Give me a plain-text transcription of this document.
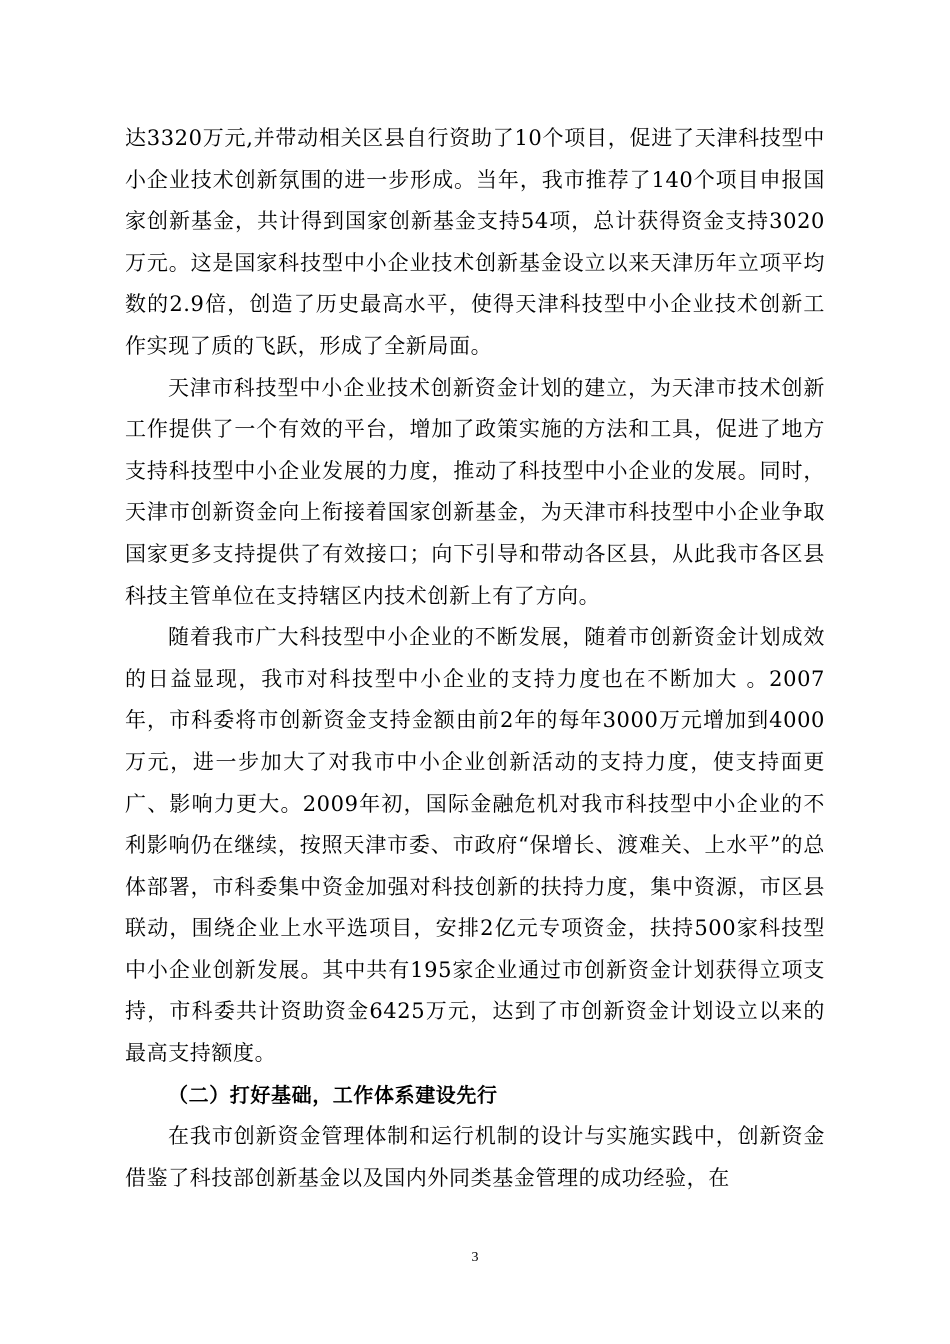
达3320万元,并带动相关区县自行资助了10个项目，促进了天津科技型中小企业技术创新氛围的进一步形成。当年，我市推荐了140个项目申报国家创新基金，共计得到国家创新基金支持54项，总计获得资金支持3020万元。这是国家科技型中小企业技术创新基金设立以来天津历年立项平均数的2.9倍，创造了历史最高水平，使得天津科技型中小企业技术创新工作实现了质的飞跃，形成了全新局面。

天津市科技型中小企业技术创新资金计划的建立，为天津市技术创新工作提供了一个有效的平台，增加了政策实施的方法和工具，促进了地方支持科技型中小企业发展的力度，推动了科技型中小企业的发展。同时，天津市创新资金向上衔接着国家创新基金，为天津市科技型中小企业争取国家更多支持提供了有效接口；向下引导和带动各区县，从此我市各区县科技主管单位在支持辖区内技术创新上有了方向。

随着我市广大科技型中小企业的不断发展，随着市创新资金计划成效的日益显现，我市对科技型中小企业的支持力度也在不断加大 。2007年，市科委将市创新资金支持金额由前2年的每年3000万元增加到4000万元，进一步加大了对我市中小企业创新活动的支持力度，使支持面更广、影响力更大。2009年初，国际金融危机对我市科技型中小企业的不利影响仍在继续，按照天津市委、市政府“保增长、渡难关、上水平”的总体部署，市科委集中资金加强对科技创新的扶持力度，集中资源，市区县联动，围绕企业上水平选项目，安排2亿元专项资金，扶持500家科技型中小企业创新发展。其中共有195家企业通过市创新资金计划获得立项支持，市科委共计资助资金6425万元，达到了市创新资金计划设立以来的最高支持额度。

（二）打好基础，工作体系建设先行

在我市创新资金管理体制和运行机制的设计与实施实践中，创新资金借鉴了科技部创新基金以及国内外同类基金管理的成功经验，在

3
